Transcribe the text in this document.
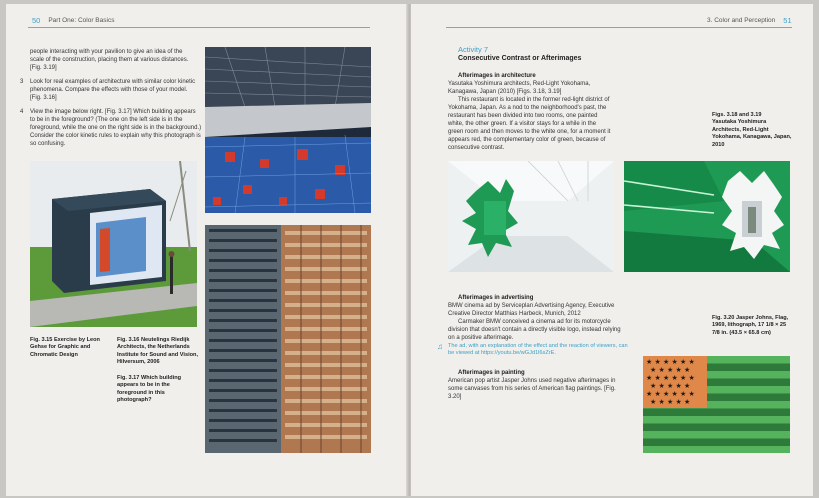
50 Part One: Color Basics
people interacting with your pavilion to give an idea of the scale of the construction, placing them at various distances. [Fig. 3.19]
3 Look for real examples of architecture with similar color kinetic phenomena. Compare the effects with those of your model. [Fig. 3.16]
4 View the image below right. [Fig. 3.17] Which building appears to be in the foreground? (The one on the left side is in the foreground, while the one on the right side is in the background.) Consider the color kinetic rules to explain why this photograph is so confusing.
Fig. 3.15 Exercise by Leon Gehse for Graphic and Chromatic Design
Fig. 3.16 Neutelings Riedijk Architects, the Netherlands Institute for Sound and Vision, Hilversum, 2006
Fig. 3.17 Which building appears to be in the foreground in this photograph?
3. Color and Perception 51
Activity 7
Consecutive Contrast or Afterimages
Afterimages in architecture

Yasutaka Yoshimura architects, Red-Light Yokohama, Kanagawa, Japan (2010) [Figs. 3.18, 3.19]

This restaurant is located in the former red-light district of Yokohama, Japan. As a nod to the neighborhood's past, the restaurant has been divided into two rooms, one painted white, the other green. If a visitor stays for a while in the green room and then moves to the white one, for a moment it appears red, the complementary color of green, because of consecutive contrast.

Figs. 3.18 and 3.19
Yasutaka Yoshimura Architects, Red-Light Yokohama, Kanagawa, Japan, 2010
Afterimages in advertising

BMW cinema ad by Serviceplan Advertising Agency, Executive Creative Director Matthias Harbeck, Munich, 2012

Carmaker BMW conceived a cinema ad for its motorcycle division that doesn't contain a directly visible logo, instead relying on a positive afterimage.

♫ The ad, with an explanation of the effect and the reaction of viewers, can be viewed at https://youtu.be/wGJd1l6sZrE.
Afterimages in painting

American pop artist Jasper Johns used negative afterimages in some canvases from his series of American flag paintings. [Fig. 3.20]

Fig. 3.20 Jasper Johns, Flag, 1969, lithograph, 17 1/8 × 25 7/8 in. (43.5 × 65.8 cm)
★ ★ ★ ★ ★ ★
★ ★ ★ ★ ★
★ ★ ★ ★ ★ ★
★ ★ ★ ★ ★
★ ★ ★ ★ ★ ★
★ ★ ★ ★ ★
